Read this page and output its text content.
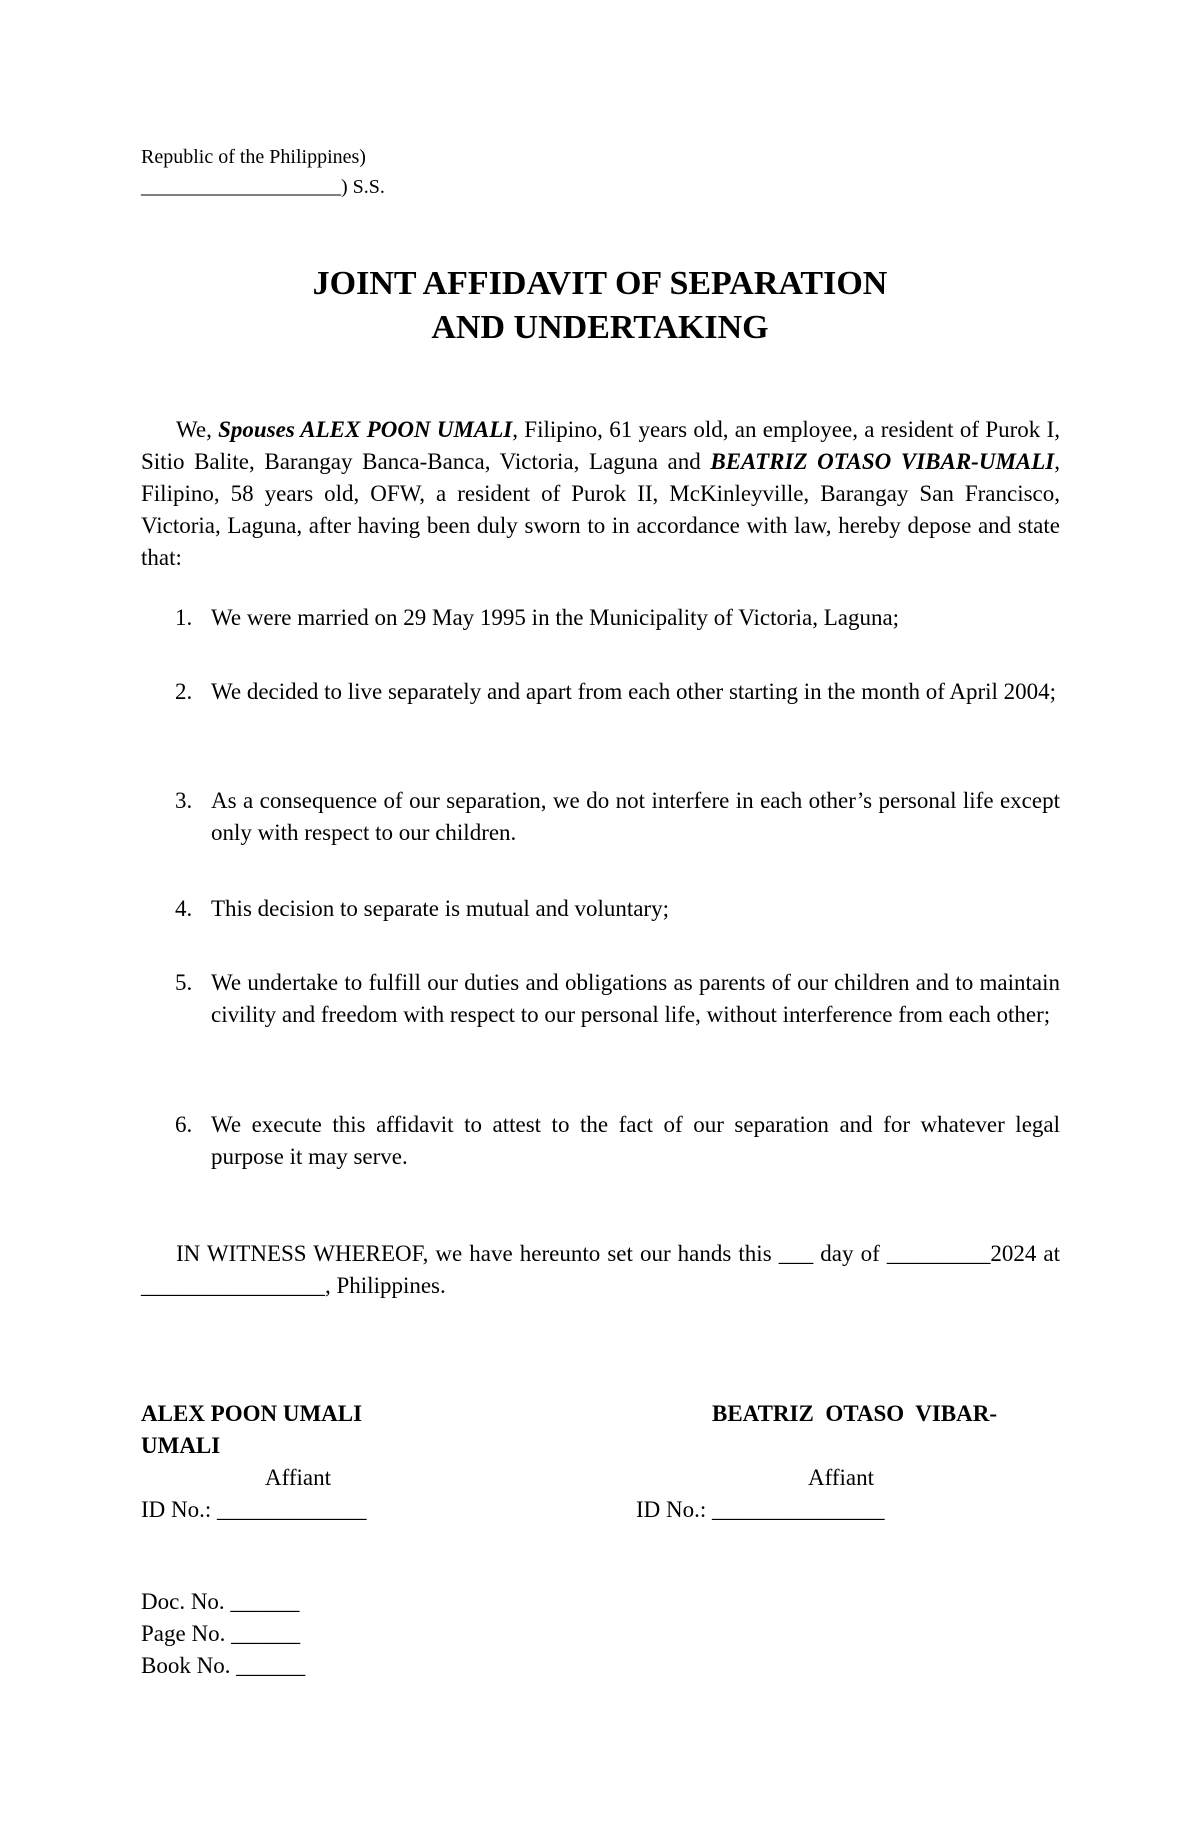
Republic of the Philippines)
____________________) S.S.
JOINT AFFIDAVIT OF SEPARATION
AND UNDERTAKING

We, Spouses ALEX POON UMALI, Filipino, 61 years old, an employee, a resident of Purok I, Sitio Balite, Barangay Banca-Banca, Victoria, Laguna and BEATRIZ OTASO VIBAR-UMALI, Filipino, 58 years old, OFW, a resident of Purok II, McKinleyville, Barangay San Francisco, Victoria, Laguna, after having been duly sworn to in accordance with law, hereby depose and state that:

1. We were married on 29 May 1995 in the Municipality of Victoria, Laguna;
2. We decided to live separately and apart from each other starting in the month of April 2004;
3. As a consequence of our separation, we do not interfere in each other’s personal life except only with respect to our children.
4. This decision to separate is mutual and voluntary;
5. We undertake to fulfill our duties and obligations as parents of our children and to maintain civility and freedom with respect to our personal life, without interference from each other;
6. We execute this affidavit to attest to the fact of our separation and for whatever legal purpose it may serve.

IN WITNESS WHEREOF, we have hereunto set our hands this ___ day of _________2024 at ________________, Philippines.

ALEX POON UMALI
UMALI
Affiant
ID No.: _____________
BEATRIZ  OTASO  VIBAR-
Affiant
ID No.: _______________
Doc. No. ______
Page No. ______
Book No. ______
